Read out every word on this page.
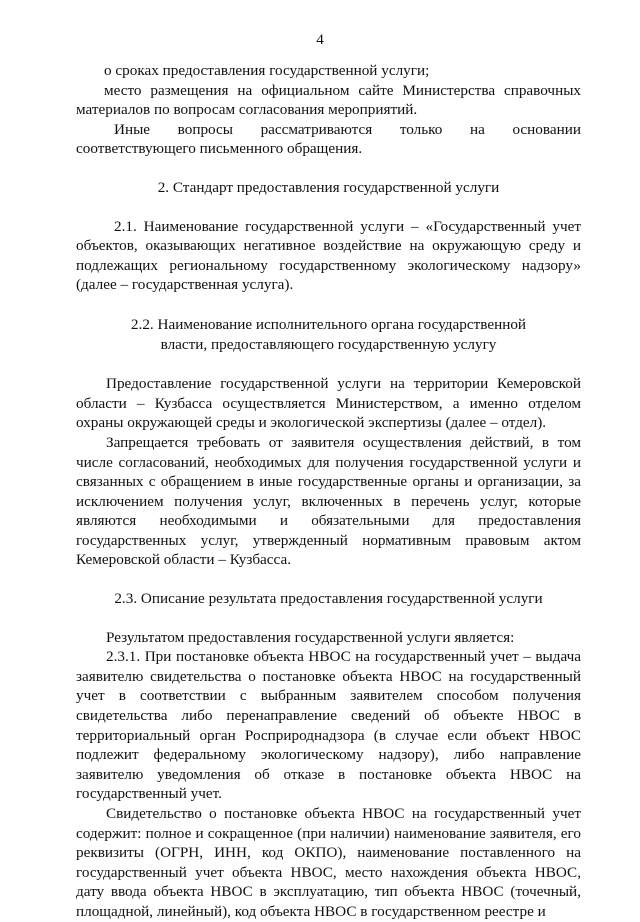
4

о сроках предоставления государственной услуги;

место размещения на официальном сайте Министерства справочных материалов по вопросам согласования мероприятий.

Иные вопросы рассматриваются только на основании

соответствующего письменного обращения.

2. Стандарт предоставления государственной услуги

2.1. Наименование государственной услуги – «Государственный учет объектов, оказывающих негативное воздействие на окружающую среду и подлежащих региональному государственному экологическому надзору» (далее – государственная услуга).

2.2. Наименование исполнительного органа государственной

власти, предоставляющего государственную услугу

Предоставление государственной услуги на территории Кемеровской области – Кузбасса осуществляется Министерством, а именно отделом охраны окружающей среды и экологической экспертизы (далее – отдел).

Запрещается требовать от заявителя осуществления действий, в том числе согласований, необходимых для получения государственной услуги и связанных с обращением в иные государственные органы и организации, за исключением получения услуг, включенных в перечень услуг, которые являются необходимыми и обязательными для предоставления государственных услуг, утвержденный нормативным правовым актом Кемеровской области – Кузбасса.

2.3. Описание результата предоставления государственной услуги

Результатом предоставления государственной услуги является:

2.3.1. При постановке объекта НВОС на государственный учет – выдача заявителю свидетельства о постановке объекта НВОС на государственный учет в соответствии с выбранным заявителем способом получения свидетельства либо перенаправление сведений об объекте НВОС в территориальный орган Росприроднадзора (в случае если объект НВОС подлежит федеральному экологическому надзору), либо направление заявителю уведомления об отказе в постановке объекта НВОС на государственный учет.

Свидетельство о постановке объекта НВОС на государственный учет содержит: полное и сокращенное (при наличии) наименование заявителя, его реквизиты (ОГРН, ИНН, код ОКПО), наименование поставленного на государственный учет объекта НВОС, место нахождения объекта НВОС, дату ввода объекта НВОС в эксплуатацию, тип объекта НВОС (точечный, площадной, линейный), код объекта НВОС в государственном реестре и
